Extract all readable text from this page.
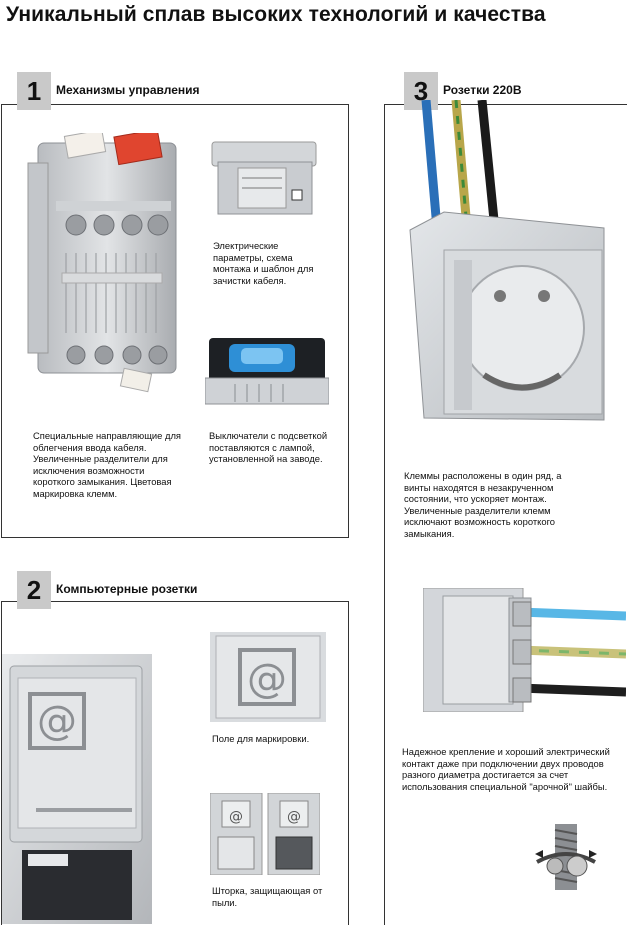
Уникальный сплав высоких технологий и качества
1	Механизмы управления
Электрические параметры, схема монтажа и шаблон для зачистки кабеля.
Специальные направляющие для облегчения ввода кабеля. Увеличенные разделители для исключения возможности короткого замыкания. Цветовая маркировка клемм.
Выключатели с подсветкой поставляются с лампой, установленной на заводе.
2	Компьютерные розетки
@
@
Поле для маркировки.
@	@
Шторка, защищающая от пыли.
3	Розетки 220В
Клеммы расположены в один ряд, а винты находятся в незакрученном состоянии, что ускоряет монтаж. Увеличенные разделители клемм исключают возможность короткого замыкания.
Надежное крепление и хороший электрический контакт даже при подключении двух проводов разного диаметра достигается за счет использования специальной "арочной" шайбы.
